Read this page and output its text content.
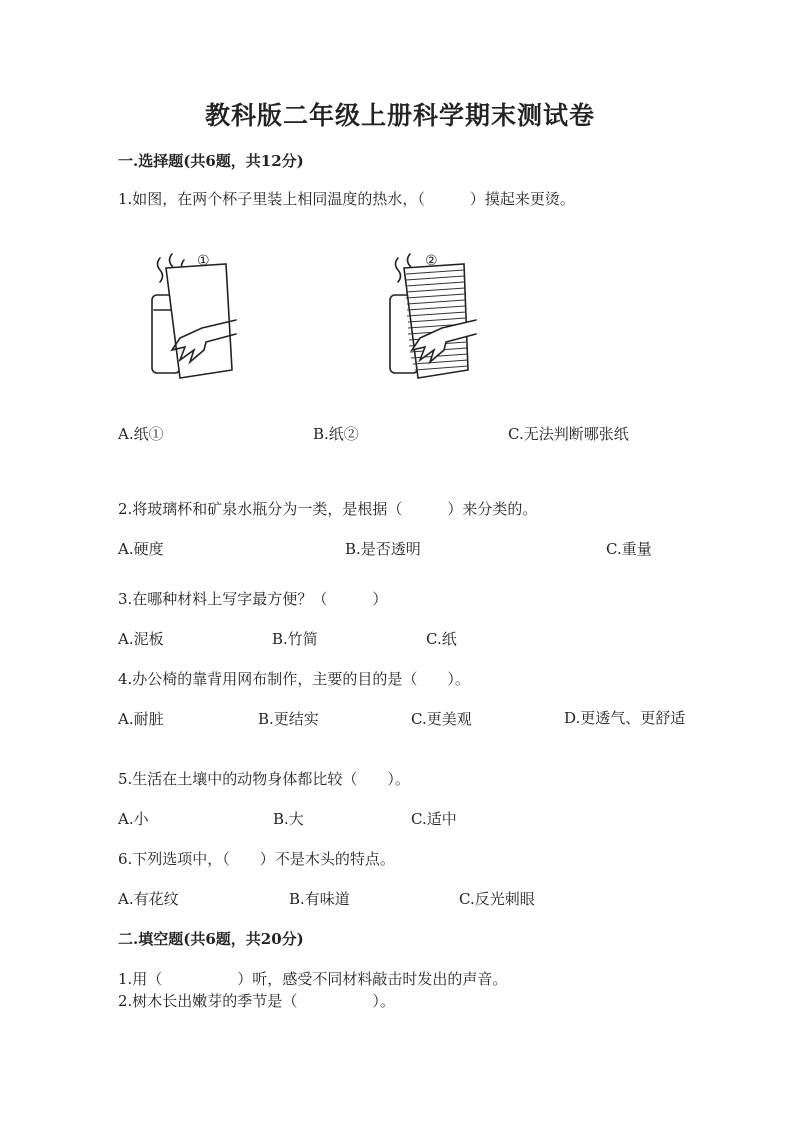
教科版二年级上册科学期末测试卷
一.选择题(共6题，共12分)
1.如图，在两个杯子里装上相同温度的热水，（　　　）摸起来更烫。
①	②
A.纸①	B.纸②	C.无法判断哪张纸
2.将玻璃杯和矿泉水瓶分为一类，是根据（　　　）来分类的。
A.硬度	B.是否透明	C.重量
3.在哪种材料上写字最方便？（　　　）
A.泥板	B.竹简	C.纸
4.办公椅的靠背用网布制作，主要的目的是（　　）。
A.耐脏	B.更结实	C.更美观	D.更透气、更舒适
5.生活在土壤中的动物身体都比较（　　）。
A.小	B.大	C.适中
6.下列选项中，（　　）不是木头的特点。
A.有花纹	B.有味道	C.反光刺眼
二.填空题(共6题，共20分)
1.用（　　　　　）听，感受不同材料敲击时发出的声音。
2.树木长出嫩芽的季节是（　　　　　）。
